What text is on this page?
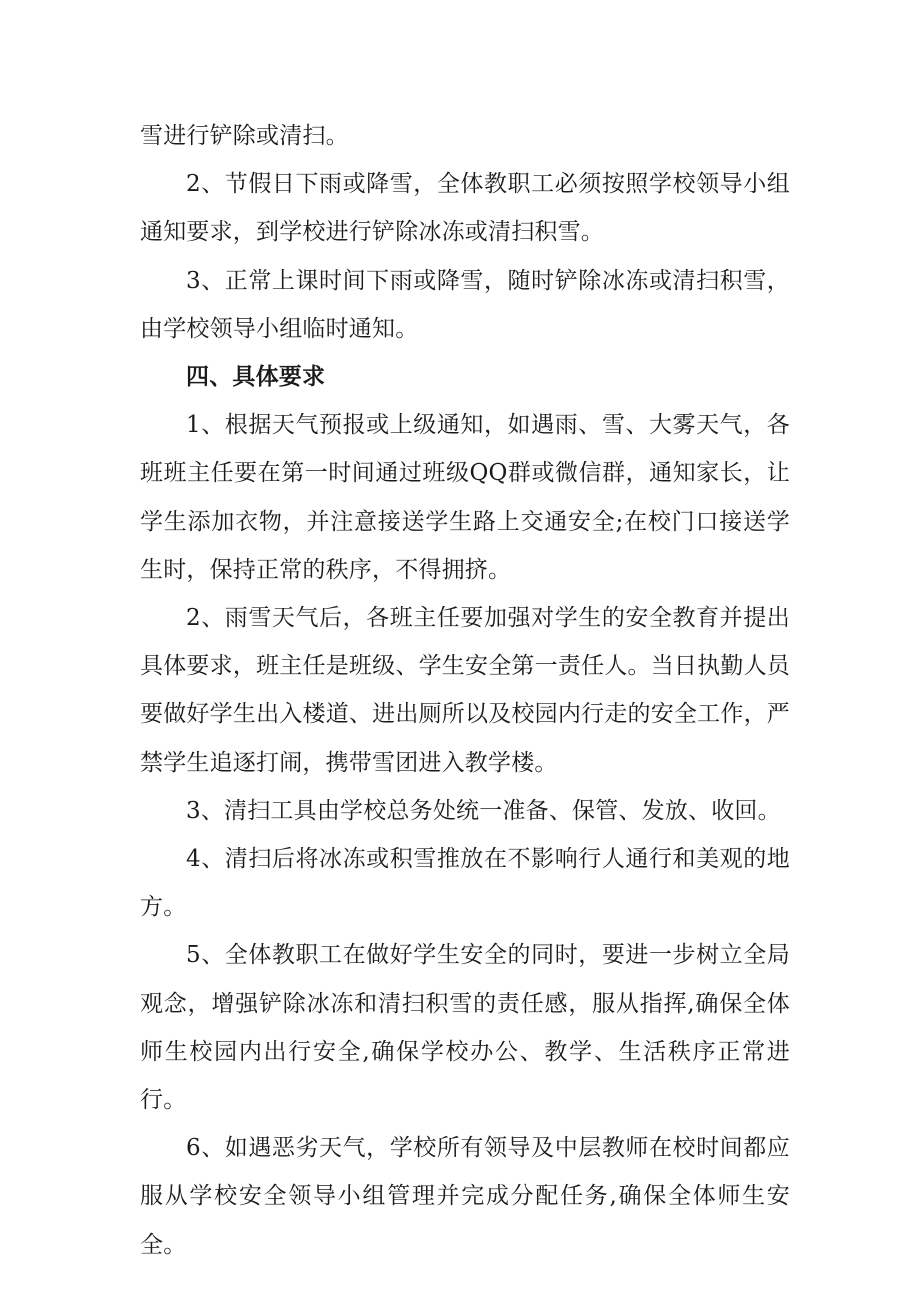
雪进行铲除或清扫。

2、节假日下雨或降雪，全体教职工必须按照学校领导小组通知要求，到学校进行铲除冰冻或清扫积雪。

3、正常上课时间下雨或降雪，随时铲除冰冻或清扫积雪，由学校领导小组临时通知。

四、具体要求

1、根据天气预报或上级通知，如遇雨、雪、大雾天气，各班班主任要在第一时间通过班级QQ群或微信群，通知家长，让学生添加衣物，并注意接送学生路上交通安全;在校门口接送学生时，保持正常的秩序，不得拥挤。

2、雨雪天气后，各班主任要加强对学生的安全教育并提出具体要求，班主任是班级、学生安全第一责任人。当日执勤人员要做好学生出入楼道、进出厕所以及校园内行走的安全工作，严禁学生追逐打闹，携带雪团进入教学楼。

3、清扫工具由学校总务处统一准备、保管、发放、收回。

4、清扫后将冰冻或积雪推放在不影响行人通行和美观的地方。

5、全体教职工在做好学生安全的同时，要进一步树立全局观念，增强铲除冰冻和清扫积雪的责任感，服从指挥,确保全体师生校园内出行安全,确保学校办公、教学、生活秩序正常进行。

6、如遇恶劣天气，学校所有领导及中层教师在校时间都应服从学校安全领导小组管理并完成分配任务,确保全体师生安全。
